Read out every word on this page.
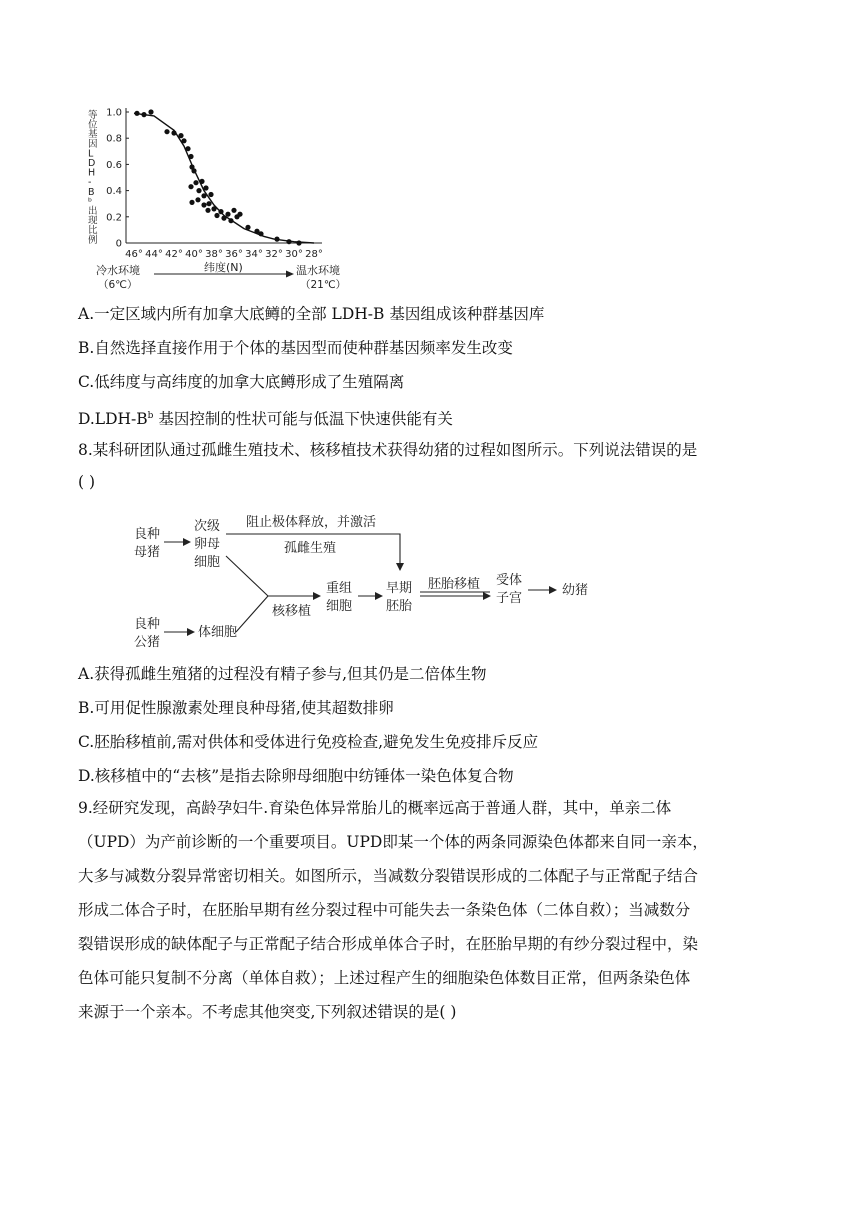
等
位
基
因
L
D
H
-
B
ᵇ
出
现
比
例
1.0
0.8
0.6
0.4
0.2
0
46° 44° 42° 40° 38° 36° 34° 32° 30° 28°
冷水环境
（6℃）
纬度(N)	温水环境
（21℃）
A.一定区域内所有加拿大底鳟的全部 LDH-B 基因组成该种群基因库
B.自然选择直接作用于个体的基因型而使种群基因频率发生改变
C.低纬度与高纬度的加拿大底鳟形成了生殖隔离
$D.LDH-B^b$ 基因控制的性状可能与低温下快速供能有关
8.某科研团队通过孤雌生殖技术、核移植技术获得幼猪的过程如图所示。下列说法错误的是
( )
良种
母猪
次级
卵母
细胞
阻止极体释放，并激活
孤雌生殖
核移植
重组
细胞
早期
胚胎
胚胎移植 受体
子宫
幼猪
良种
公猪
体细胞
A.获得孤雌生殖猪的过程没有精子参与,但其仍是二倍体生物
B.可用促性腺激素处理良种母猪,使其超数排卵
C.胚胎移植前,需对供体和受体进行免疫检查,避免发生免疫排斥反应
D.核移植中的“去核”是指去除卵母细胞中纺锤体一染色体复合物
9.经研究发现，高龄孕妇牛.育染色体异常胎儿的概率远高于普通人群，其中，单亲二体
（UPD）为产前诊断的一个重要项目。UPD即某一个体的两条同源染色体都来自同一亲本，
大多与减数分裂异常密切相关。如图所示，当减数分裂错误形成的二体配子与正常配子结合
形成二体合子时，在胚胎早期有丝分裂过程中可能失去一条染色体（二体自救）；当减数分
裂错误形成的缺体配子与正常配子结合形成单体合子时，在胚胎早期的有纱分裂过程中，染
色体可能只复制不分离（单体自救）；上述过程产生的细胞染色体数目正常，但两条染色体
来源于一个亲本。不考虑其他突变,下列叙述错误的是( )
